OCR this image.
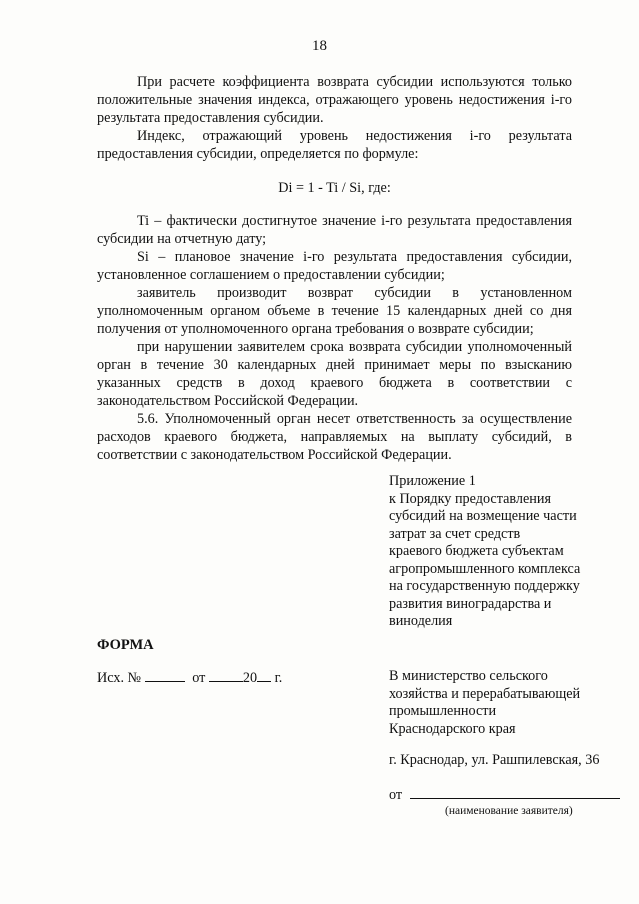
18

При расчете коэффициента возврата субсидии используются только положительные значения индекса, отражающего уровень недостижения i-го результата предоставления субсидии.

Индекс, отражающий уровень недостижения i-го результата предоставления субсидии, определяется по формуле:

Di = 1 - Ti / Si, где:

Ti – фактически достигнутое значение i-го результата предоставления субсидии на отчетную дату;

Si – плановое значение i-го результата предоставления субсидии, установленное соглашением о предоставлении субсидии;

заявитель производит возврат субсидии в установленном уполномоченным органом объеме в течение 15 календарных дней со дня получения от уполномоченного органа требования о возврате субсидии;

при нарушении заявителем срока возврата субсидии уполномоченный орган в течение 30 календарных дней принимает меры по взысканию указанных средств в доход краевого бюджета в соответствии с законодательством Российской Федерации.

5.6. Уполномоченный орган несет ответственность за осуществление расходов краевого бюджета, направляемых на выплату субсидий, в соответствии с законодательством Российской Федерации.

Приложение 1
к Порядку предоставления
субсидий на возмещение части
затрат за счет средств
краевого бюджета субъектам
агропромышленного комплекса
на государственную поддержку
развития виноградарства и
виноделия
ФОРМА
Исх. №	от	20 г.	В министерство сельского
хозяйства и перерабатывающей
промышленности
Краснодарского края
г. Краснодар, ул. Рашпилевская, 36
от
(наименование заявителя)
